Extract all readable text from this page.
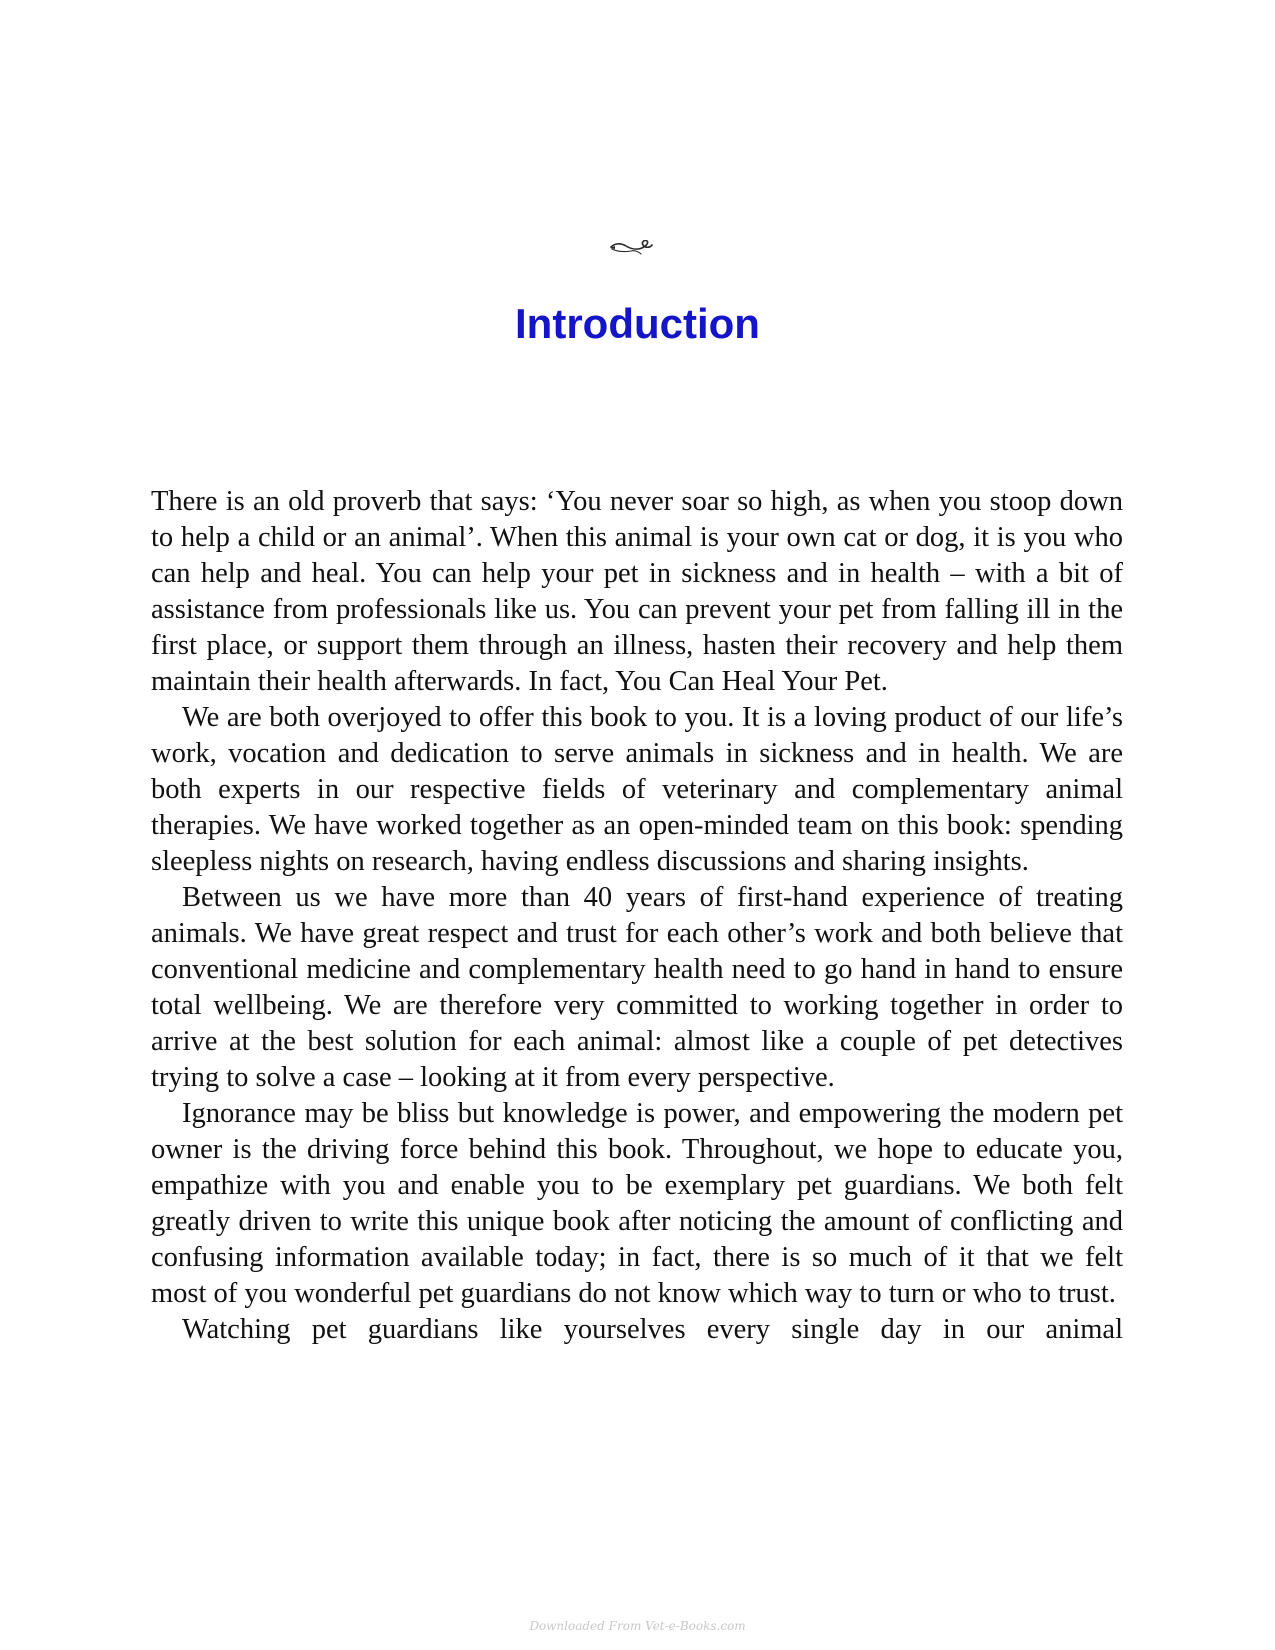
Introduction

There is an old proverb that says: ‘You never soar so high, as when you stoop down to help a child or an animal’. When this animal is your own cat or dog, it is you who can help and heal. You can help your pet in sickness and in health – with a bit of assistance from professionals like us. You can prevent your pet from falling ill in the first place, or support them through an illness, hasten their recovery and help them maintain their health afterwards. In fact, You Can Heal Your Pet.

We are both overjoyed to offer this book to you. It is a loving product of our life’s work, vocation and dedication to serve animals in sickness and in health. We are both experts in our respective fields of veterinary and complementary animal therapies. We have worked together as an open-minded team on this book: spending sleepless nights on research, having endless discussions and sharing insights.

Between us we have more than 40 years of first-hand experience of treating animals. We have great respect and trust for each other’s work and both believe that conventional medicine and complementary health need to go hand in hand to ensure total wellbeing. We are therefore very committed to working together in order to arrive at the best solution for each animal: almost like a couple of pet detectives trying to solve a case – looking at it from every perspective.

Ignorance may be bliss but knowledge is power, and empowering the modern pet owner is the driving force behind this book. Throughout, we hope to educate you, empathize with you and enable you to be exemplary pet guardians. We both felt greatly driven to write this unique book after noticing the amount of conflicting and confusing information available today; in fact, there is so much of it that we felt most of you wonderful pet guardians do not know which way to turn or who to trust.

Watching pet guardians like yourselves every single day in our animal

Downloaded From Vet-e-Books.com
